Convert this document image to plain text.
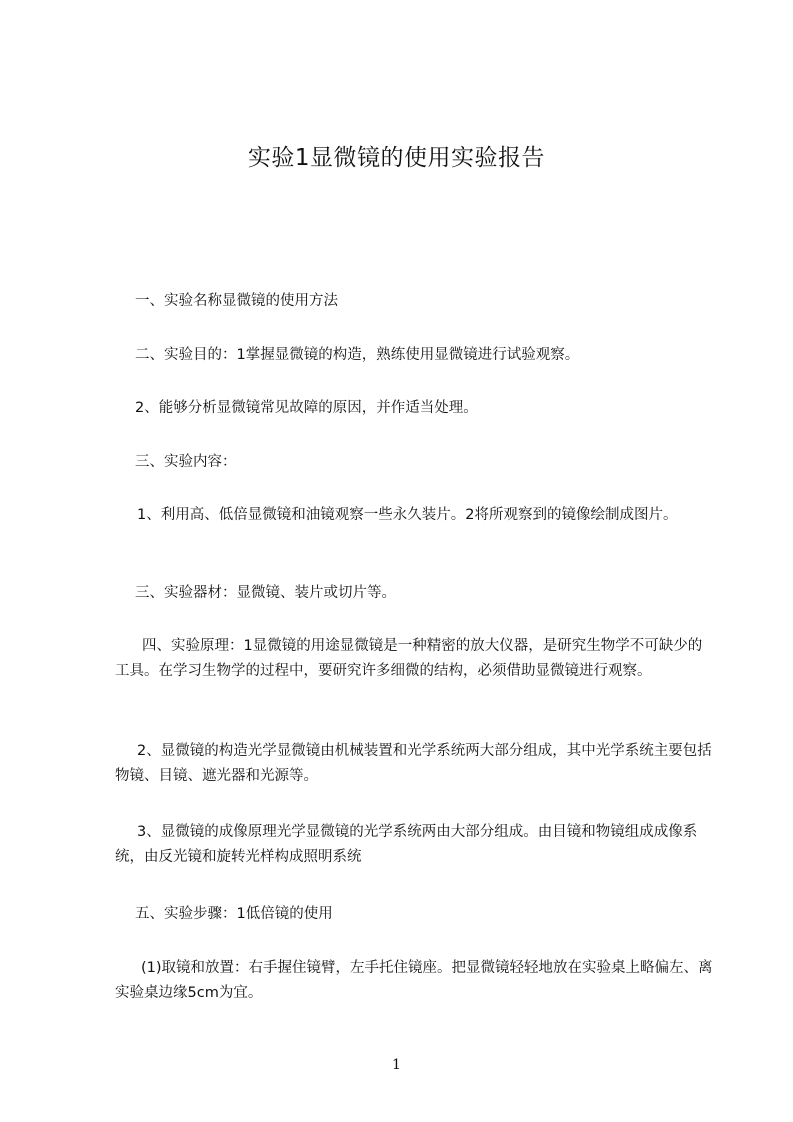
实验1显微镜的使用实验报告

一、实验名称显微镜的使用方法

二、实验目的：1掌握显微镜的构造，熟练使用显微镜进行试验观察。

2、能够分析显微镜常见故障的原因，并作适当处理。

三、实验内容：

1、利用高、低倍显微镜和油镜观察一些永久装片。2将所观察到的镜像绘制成图片。

三、实验器材：显微镜、装片或切片等。

四、实验原理：1显微镜的用途显微镜是一种精密的放大仪器，是研究生物学不可缺少的工具。在学习生物学的过程中，要研究许多细微的结构，必须借助显微镜进行观察。

2、显微镜的构造光学显微镜由机械装置和光学系统两大部分组成，其中光学系统主要包括物镜、目镜、遮光器和光源等。

3、显微镜的成像原理光学显微镜的光学系统两由大部分组成。由目镜和物镜组成成像系统，由反光镜和旋转光样构成照明系统

五、实验步骤：1低倍镜的使用

(1)取镜和放置：右手握住镜臂，左手托住镜座。把显微镜轻轻地放在实验桌上略偏左、离实验桌边缘5cm为宜。

1
